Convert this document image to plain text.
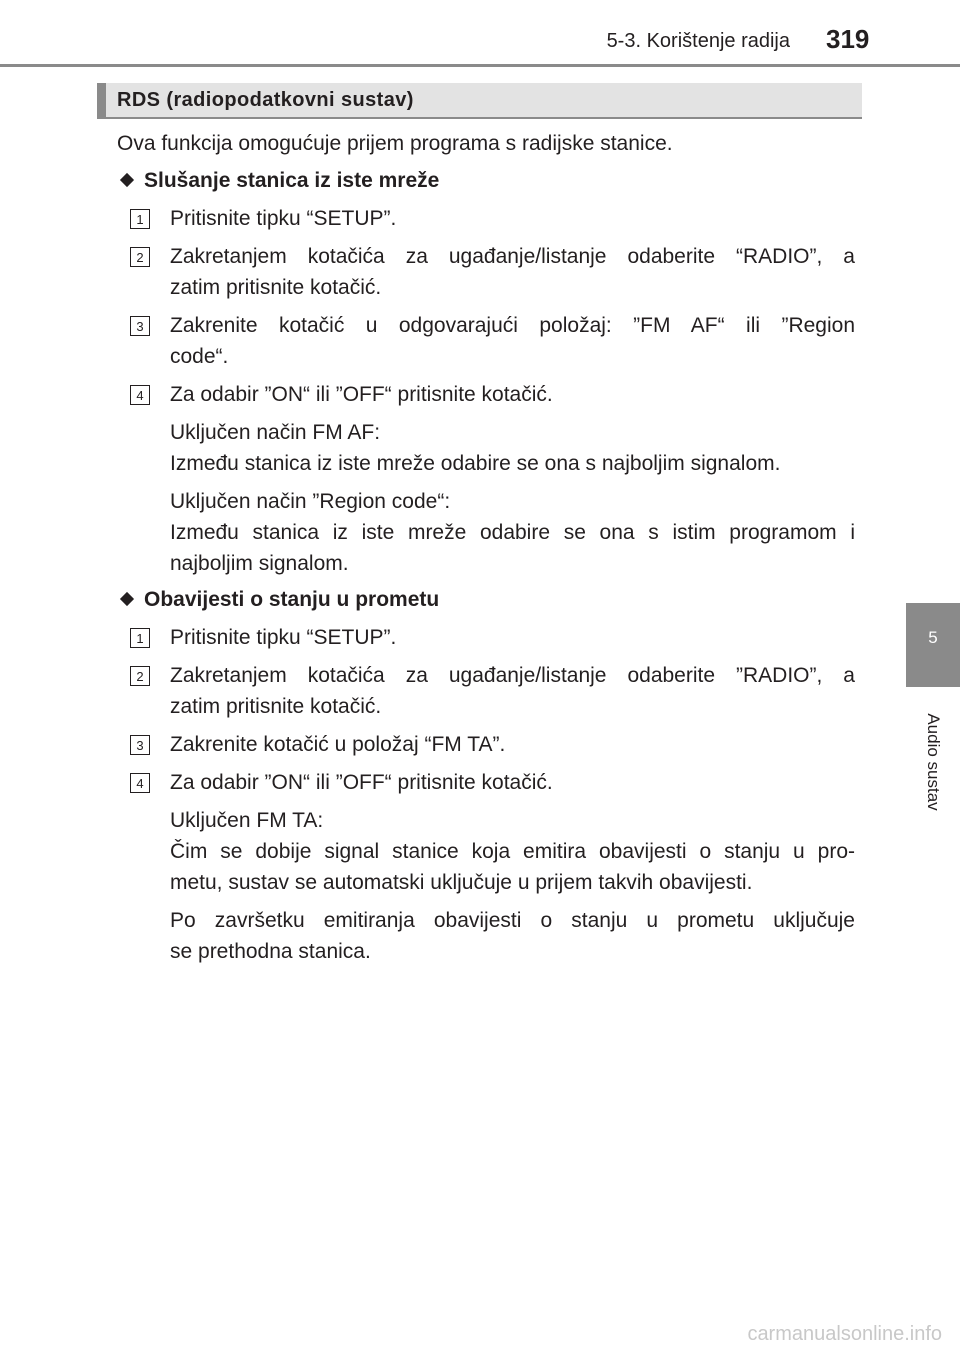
5-3. Korištenje radija 319
5
Audio sustav
RDS (radiopodatkovni sustav)
Ova funkcija omogućuje prijem programa s radijske stanice.
Slušanje stanica iz iste mreže
1	Pritisnite tipku “SETUP”.
2	Zakretanjem kotačića za ugađanje/listanje odaberite “RADIO”, a
zatim pritisnite kotačić.
3	Zakrenite kotačić u odgovarajući položaj: ”FM AF“ ili ”Region
code“.
4	Za odabir ”ON“ ili ”OFF“ pritisnite kotačić.
Uključen način FM AF:
Između stanica iz iste mreže odabire se ona s najboljim signalom.
Uključen način ”Region code“:
Između stanica iz iste mreže odabire se ona s istim programom i
najboljim signalom.
Obavijesti o stanju u prometu
1	Pritisnite tipku “SETUP”.
2	Zakretanjem kotačića za ugađanje/listanje odaberite ”RADIO”, a
zatim pritisnite kotačić.
3	Zakrenite kotačić u položaj “FM TA”.
4	Za odabir ”ON“ ili ”OFF“ pritisnite kotačić.
Uključen FM TA:
Čim se dobije signal stanice koja emitira obavijesti o stanju u pro-
metu, sustav se automatski uključuje u prijem takvih obavijesti.
Po završetku emitiranja obavijesti o stanju u prometu uključuje
se prethodna stanica.
carmanualsonline.info
